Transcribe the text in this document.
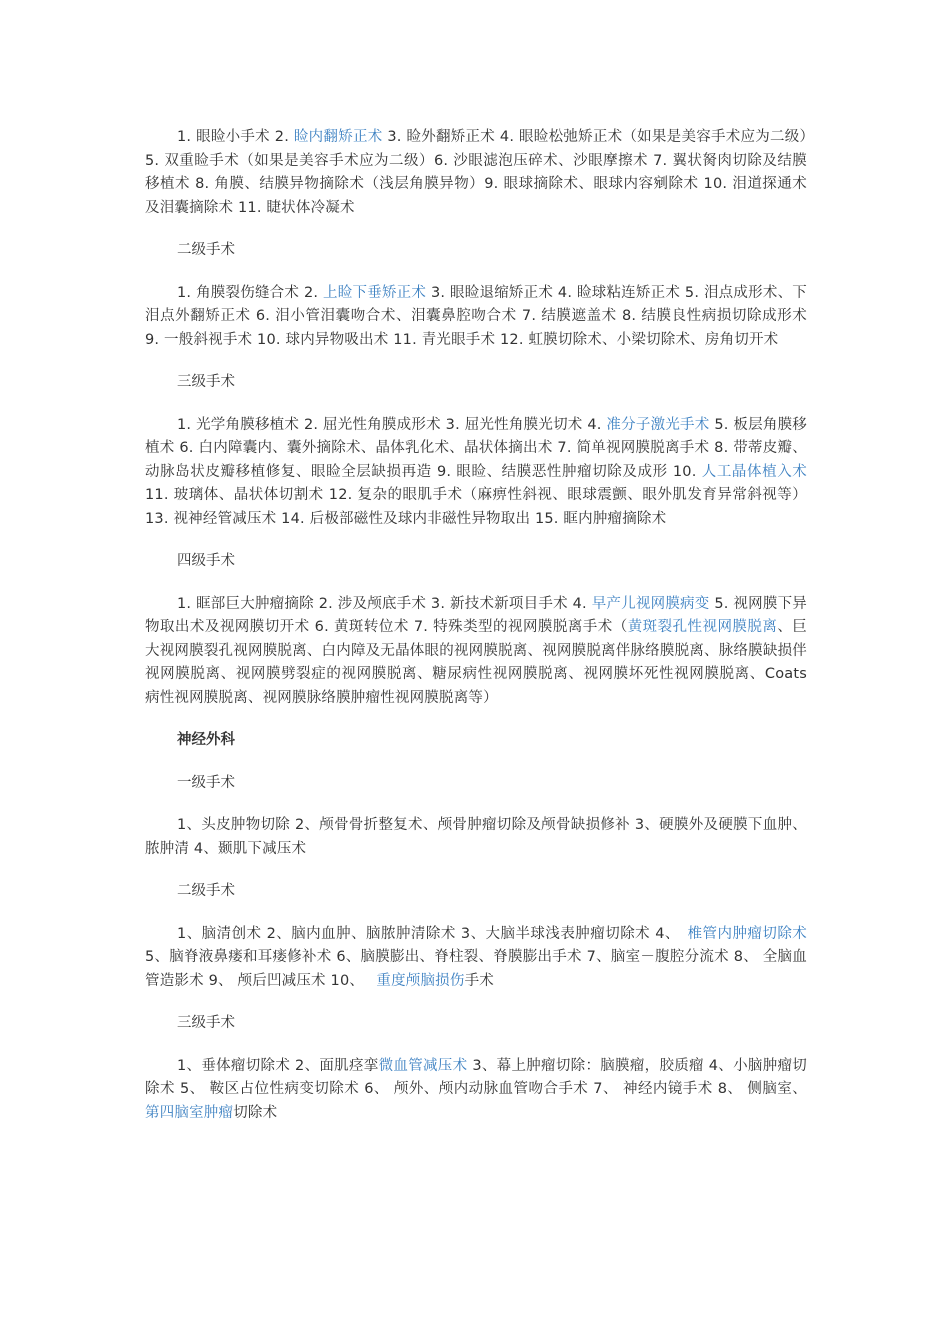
1. 眼睑小手术 2. 睑内翻矫正术 3. 睑外翻矫正术 4. 眼睑松弛矫正术（如果是美容手术应为二级）5. 双重睑手术（如果是美容手术应为二级）6. 沙眼滤泡压碎术、沙眼摩擦术 7. 翼状胬肉切除及结膜移植术 8. 角膜、结膜异物摘除术（浅层角膜异物）9. 眼球摘除术、眼球内容剜除术 10. 泪道探通术及泪囊摘除术 11. 睫状体冷凝术

二级手术

1. 角膜裂伤缝合术 2. 上睑下垂矫正术 3. 眼睑退缩矫正术 4. 睑球粘连矫正术 5. 泪点成形术、下泪点外翻矫正术 6. 泪小管泪囊吻合术、泪囊鼻腔吻合术 7. 结膜遮盖术 8. 结膜良性病损切除成形术 9. 一般斜视手术 10. 球内异物吸出术 11. 青光眼手术 12. 虹膜切除术、小梁切除术、房角切开术

三级手术

1. 光学角膜移植术 2. 屈光性角膜成形术 3. 屈光性角膜光切术 4. 准分子激光手术 5. 板层角膜移植术 6. 白内障囊内、囊外摘除术、晶体乳化术、晶状体摘出术 7. 简单视网膜脱离手术 8. 带蒂皮瓣、动脉岛状皮瓣移植修复、眼睑全层缺损再造 9. 眼睑、结膜恶性肿瘤切除及成形 10. 人工晶体植入术 11. 玻璃体、晶状体切割术 12. 复杂的眼肌手术（麻痹性斜视、眼球震颤、眼外肌发育异常斜视等）13. 视神经管减压术 14. 后极部磁性及球内非磁性异物取出 15. 眶内肿瘤摘除术

四级手术

1. 眶部巨大肿瘤摘除 2. 涉及颅底手术 3. 新技术新项目手术 4. 早产儿视网膜病变 5. 视网膜下异物取出术及视网膜切开术 6. 黄斑转位术 7. 特殊类型的视网膜脱离手术（黄斑裂孔性视网膜脱离、巨大视网膜裂孔视网膜脱离、白内障及无晶体眼的视网膜脱离、视网膜脱离伴脉络膜脱离、脉络膜缺损伴视网膜脱离、视网膜劈裂症的视网膜脱离、糖尿病性视网膜脱离、视网膜坏死性视网膜脱离、Coats 病性视网膜脱离、视网膜脉络膜肿瘤性视网膜脱离等）

神经外科

一级手术

1、头皮肿物切除 2、颅骨骨折整复术、颅骨肿瘤切除及颅骨缺损修补 3、硬膜外及硬膜下血肿、脓肿清 4、颞肌下减压术

二级手术

1、脑清创术 2、脑内血肿、脑脓肿清除术 3、大脑半球浅表肿瘤切除术 4、　椎管内肿瘤切除术 5、脑脊液鼻瘘和耳瘘修补术 6、脑膜膨出、脊柱裂、脊膜膨出手术 7、脑室－腹腔分流术 8、 全脑血管造影术 9、 颅后凹减压术 10、　 重度颅脑损伤手术

三级手术

1、垂体瘤切除术 2、面肌痉挛微血管减压术 3、幕上肿瘤切除：脑膜瘤，胶质瘤 4、小脑肿瘤切除术 5、 鞍区占位性病变切除术 6、 颅外、颅内动脉血管吻合手术 7、 神经内镜手术 8、 侧脑室、第四脑室肿瘤切除术
